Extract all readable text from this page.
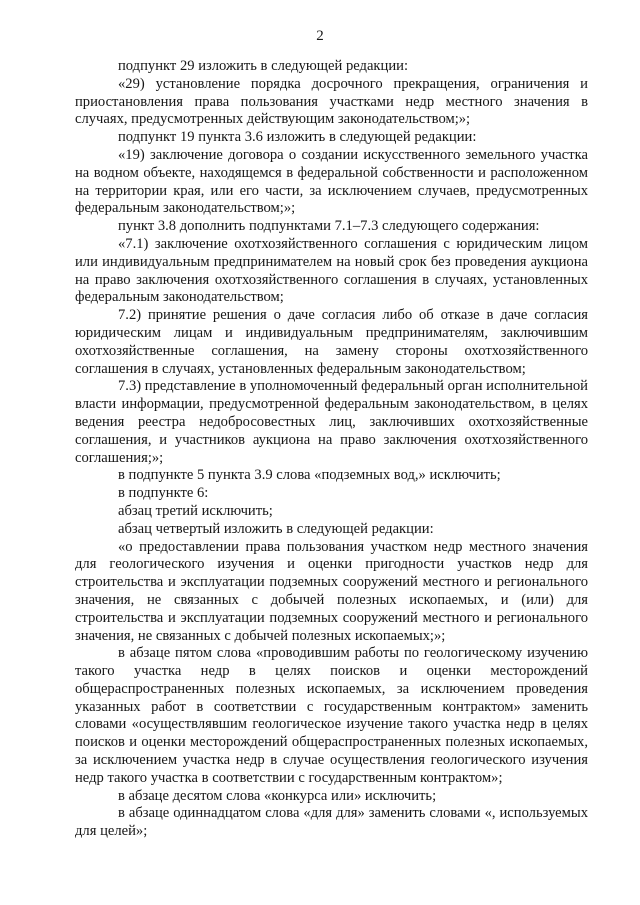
2

подпункт 29 изложить в следующей редакции:

«29) установление порядка досрочного прекращения, ограничения и приостановления права пользования участками недр местного значения в случаях, предусмотренных действующим законодательством;»;

подпункт 19 пункта 3.6 изложить в следующей редакции:

«19) заключение договора о создании искусственного земельного участка на водном объекте, находящемся в федеральной собственности и расположенном на территории края, или его части, за исключением случаев, предусмотренных федеральным законодательством;»;

пункт 3.8 дополнить подпунктами 7.1–7.3 следующего содержания:

«7.1) заключение охотхозяйственного соглашения с юридическим лицом или индивидуальным предпринимателем на новый срок без проведения аукциона на право заключения охотхозяйственного соглашения в случаях, установленных федеральным законодательством;

7.2) принятие решения о даче согласия либо об отказе в даче согласия юридическим лицам и индивидуальным предпринимателям, заключившим охотхозяйственные соглашения, на замену стороны охотхозяйственного соглашения в случаях, установленных федеральным законодательством;

7.3) представление в уполномоченный федеральный орган исполнительной власти информации, предусмотренной федеральным законодательством, в целях ведения реестра недобросовестных лиц, заключивших охотхозяйственные соглашения, и участников аукциона на право заключения охотхозяйственного соглашения;»;

в подпункте 5 пункта 3.9 слова «подземных вод,» исключить;

в подпункте 6:

абзац третий исключить;

абзац четвертый изложить в следующей редакции:

«о предоставлении права пользования участком недр местного значения для геологического изучения и оценки пригодности участков недр для строительства и эксплуатации подземных сооружений местного и регионального значения, не связанных с добычей полезных ископаемых, и (или) для строительства и эксплуатации подземных сооружений местного и регионального значения, не связанных с добычей полезных ископаемых;»;

в абзаце пятом слова «проводившим работы по геологическому изучению такого участка недр в целях поисков и оценки месторождений общераспространенных полезных ископаемых, за исключением проведения указанных работ в соответствии с государственным контрактом» заменить словами «осуществлявшим геологическое изучение такого участка недр в целях поисков и оценки месторождений общераспространенных полезных ископаемых, за исключением участка недр в случае осуществления геологического изучения недр такого участка в соответствии с государственным контрактом»;

в абзаце десятом слова «конкурса или» исключить;

в абзаце одиннадцатом слова «для для» заменить словами «, используемых для целей»;
